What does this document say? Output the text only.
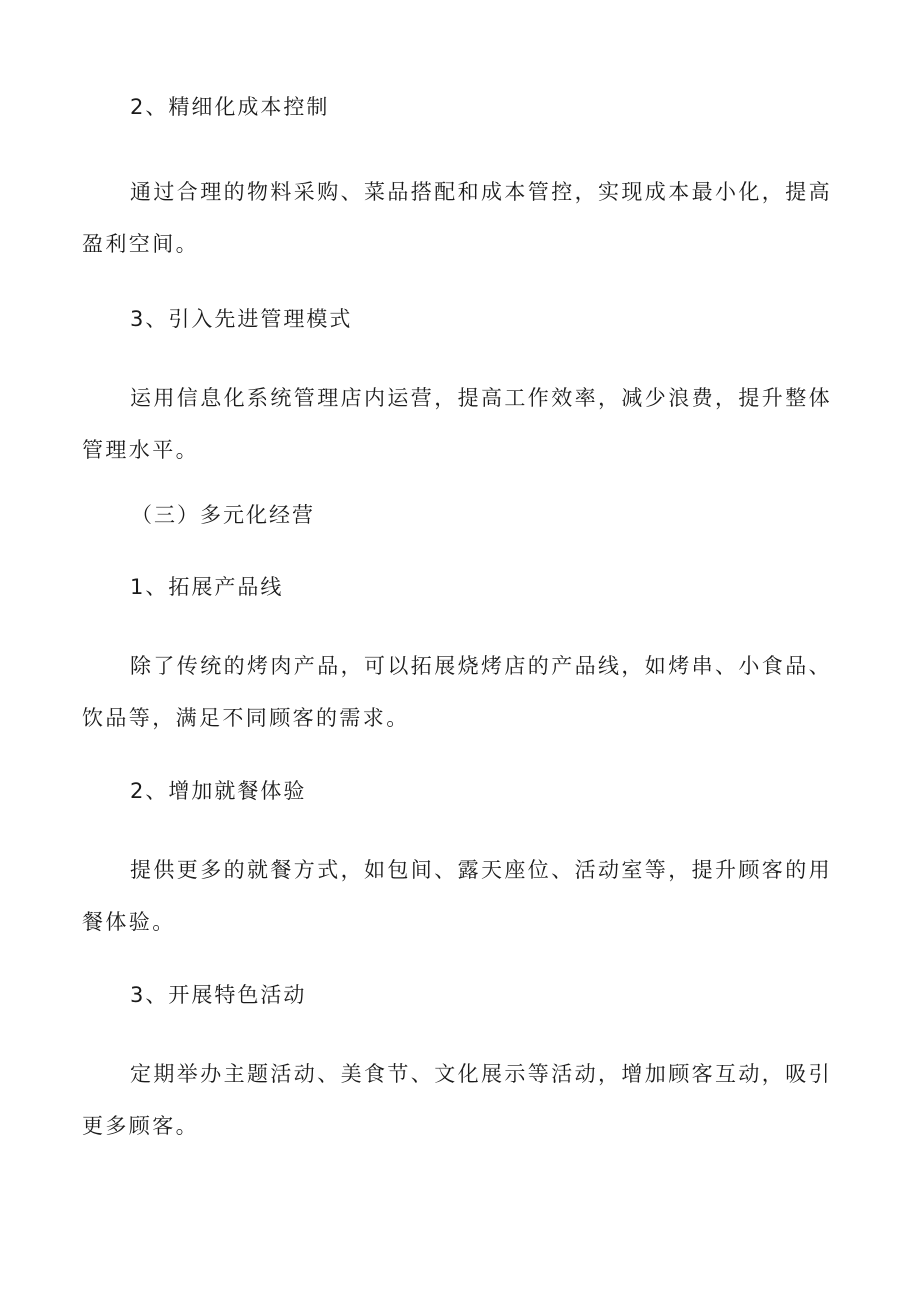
2、精细化成本控制

通过合理的物料采购、菜品搭配和成本管控，实现成本最小化，提高盈利空间。

3、引入先进管理模式

运用信息化系统管理店内运营，提高工作效率，减少浪费，提升整体管理水平。

（三）多元化经营
1、拓展产品线

除了传统的烤肉产品，可以拓展烧烤店的产品线，如烤串、小食品、饮品等，满足不同顾客的需求。

2、增加就餐体验

提供更多的就餐方式，如包间、露天座位、活动室等，提升顾客的用餐体验。

3、开展特色活动

定期举办主题活动、美食节、文化展示等活动，增加顾客互动，吸引更多顾客。
